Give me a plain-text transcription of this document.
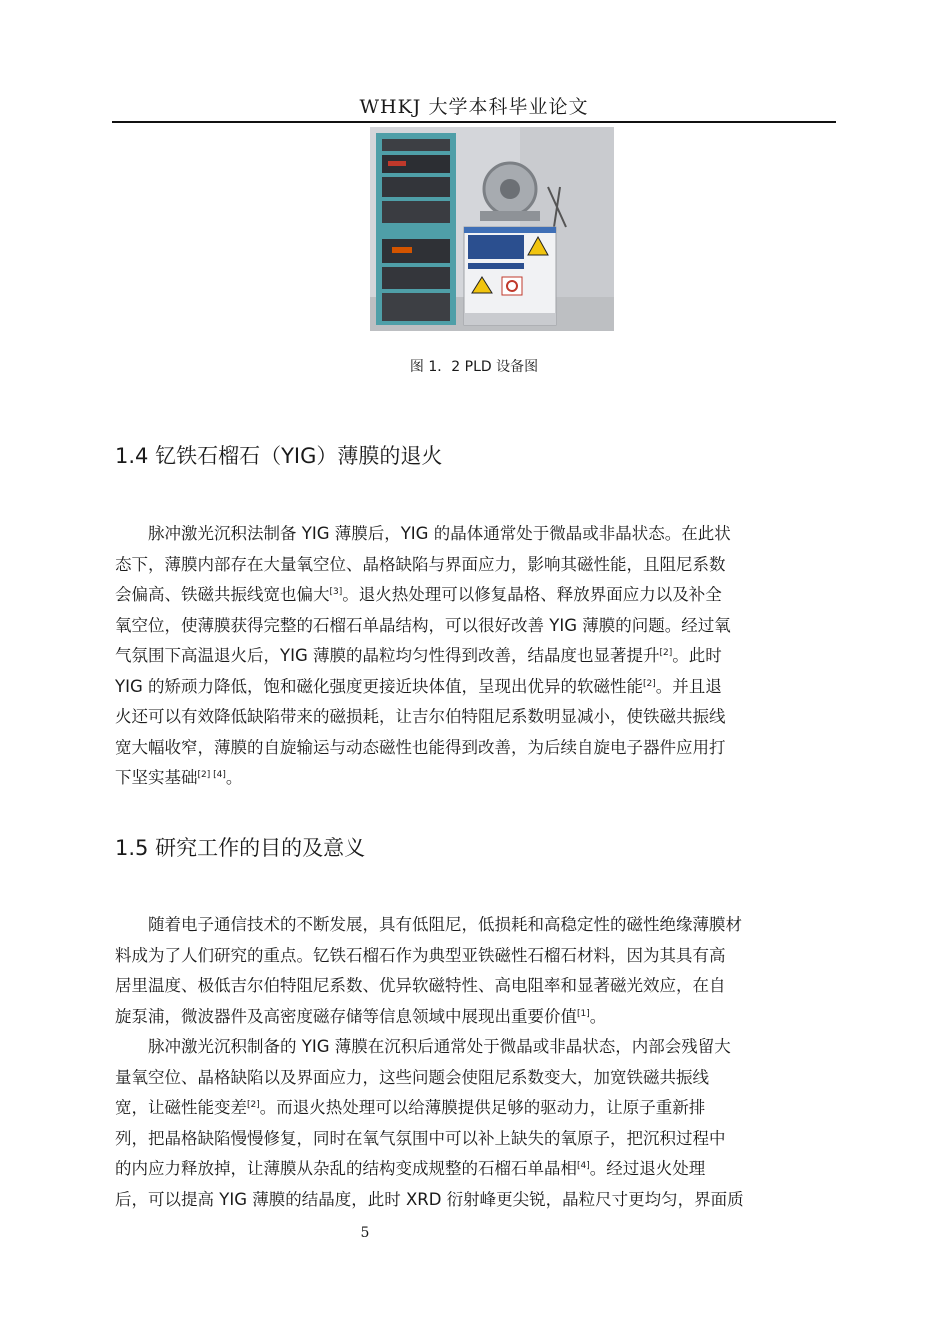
WHKJ 大学本科毕业论文
图 1．2 PLD 设备图
1.4 钇铁石榴石（YIG）薄膜的退火
脉冲激光沉积法制备 YIG 薄膜后，YIG 的晶体通常处于微晶或非晶状态。在此状
态下，薄膜内部存在大量氧空位、晶格缺陷与界面应力，影响其磁性能，且阻尼系数
会偏高、铁磁共振线宽也偏大[3]。退火热处理可以修复晶格、释放界面应力以及补全
氧空位，使薄膜获得完整的石榴石单晶结构，可以很好改善 YIG 薄膜的问题。经过氧
气氛围下高温退火后，YIG 薄膜的晶粒均匀性得到改善，结晶度也显著提升[2]。此时
YIG 的矫顽力降低，饱和磁化强度更接近块体值，呈现出优异的软磁性能[2]。并且退
火还可以有效降低缺陷带来的磁损耗，让吉尔伯特阻尼系数明显减小，使铁磁共振线
宽大幅收窄，薄膜的自旋输运与动态磁性也能得到改善，为后续自旋电子器件应用打
下坚实基础[2] [4]。
1.5 研究工作的目的及意义
随着电子通信技术的不断发展，具有低阻尼，低损耗和高稳定性的磁性绝缘薄膜材
料成为了人们研究的重点。钇铁石榴石作为典型亚铁磁性石榴石材料，因为其具有高
居里温度、极低吉尔伯特阻尼系数、优异软磁特性、高电阻率和显著磁光效应，在自
旋泵浦，微波器件及高密度磁存储等信息领域中展现出重要价值[1]。
脉冲激光沉积制备的 YIG 薄膜在沉积后通常处于微晶或非晶状态，内部会残留大
量氧空位、晶格缺陷以及界面应力，这些问题会使阻尼系数变大，加宽铁磁共振线
宽，让磁性能变差[2]。而退火热处理可以给薄膜提供足够的驱动力，让原子重新排
列，把晶格缺陷慢慢修复，同时在氧气氛围中可以补上缺失的氧原子，把沉积过程中
的内应力释放掉，让薄膜从杂乱的结构变成规整的石榴石单晶相[4]。经过退火处理
后，可以提高 YIG 薄膜的结晶度，此时 XRD 衍射峰更尖锐，晶粒尺寸更均匀，界面质
5
